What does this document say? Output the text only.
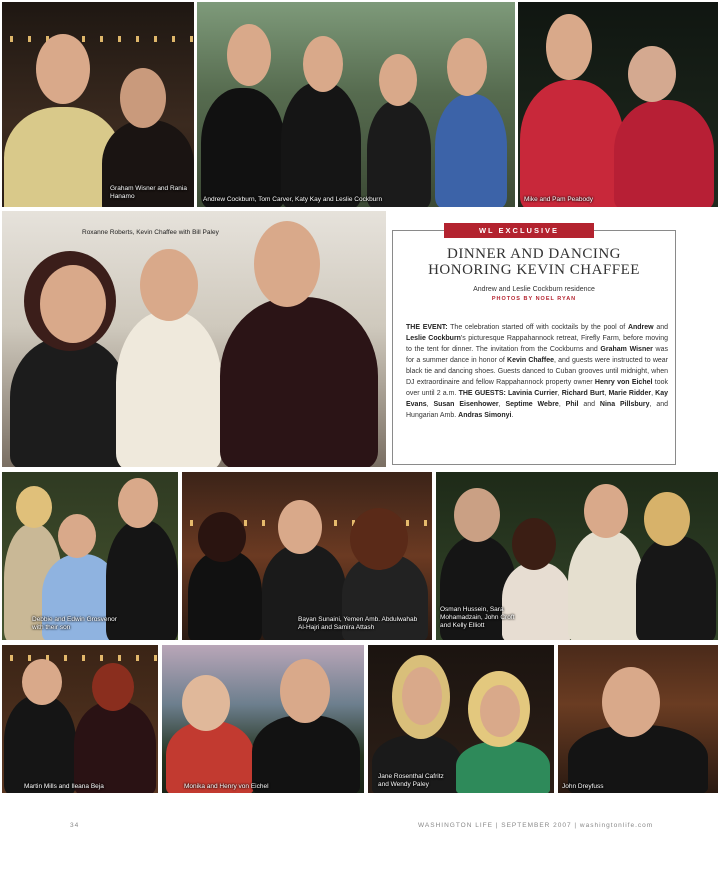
Graham Wisner and Rania
Hanamo	Andrew Cockburn, Tom Carver, Katy Kay and Leslie Cockburn	Mike and Pam Peabody
Roxanne Roberts, Kevin Chaffee with Bill Paley	WL EXCLUSIVE
DINNER AND DANCING
HONORING KEVIN CHAFFEE
Andrew and Leslie Cockburn residence
PHOTOS BY NOEL RYAN
THE EVENT: The celebration started off with cocktails by the pool of Andrew and Leslie Cockburn's picturesque Rappahannock retreat, Firefly Farm, before moving to the tent for dinner. The invitation from the Cockburns and Graham Wisner was for a summer dance in honor of Kevin Chaffee, and guests were instructed to wear black tie and dancing shoes. Guests danced to Cuban grooves until midnight, when DJ extraordinaire and fellow Rappahannock property owner Henry von Eichel took over until 2 a.m. THE GUESTS: Lavinia Currier, Richard Burt, Marie Ridder, Kay Evans, Susan Eisenhower, Septime Webre, Phil and Nina Pillsbury, and Hungarian Amb. Andras Simonyi.
Debbie and Edwin Grosvenor
with their son
Bayan Sunaini, Yemen Amb. Abdulwahab
Al-Hajri and Samira Attash
Osman Hussein, Sara
Mohamadzain, John Croft
and Kelly Elliott
Martin Mills and Ileana Beja	Monika and Henry von Eichel
Jane Rosenthal Cafritz
and Wendy Paley	John Dreyfuss
34	WASHINGTON LIFE | SEPTEMBER 2007 | washingtonlife.com
